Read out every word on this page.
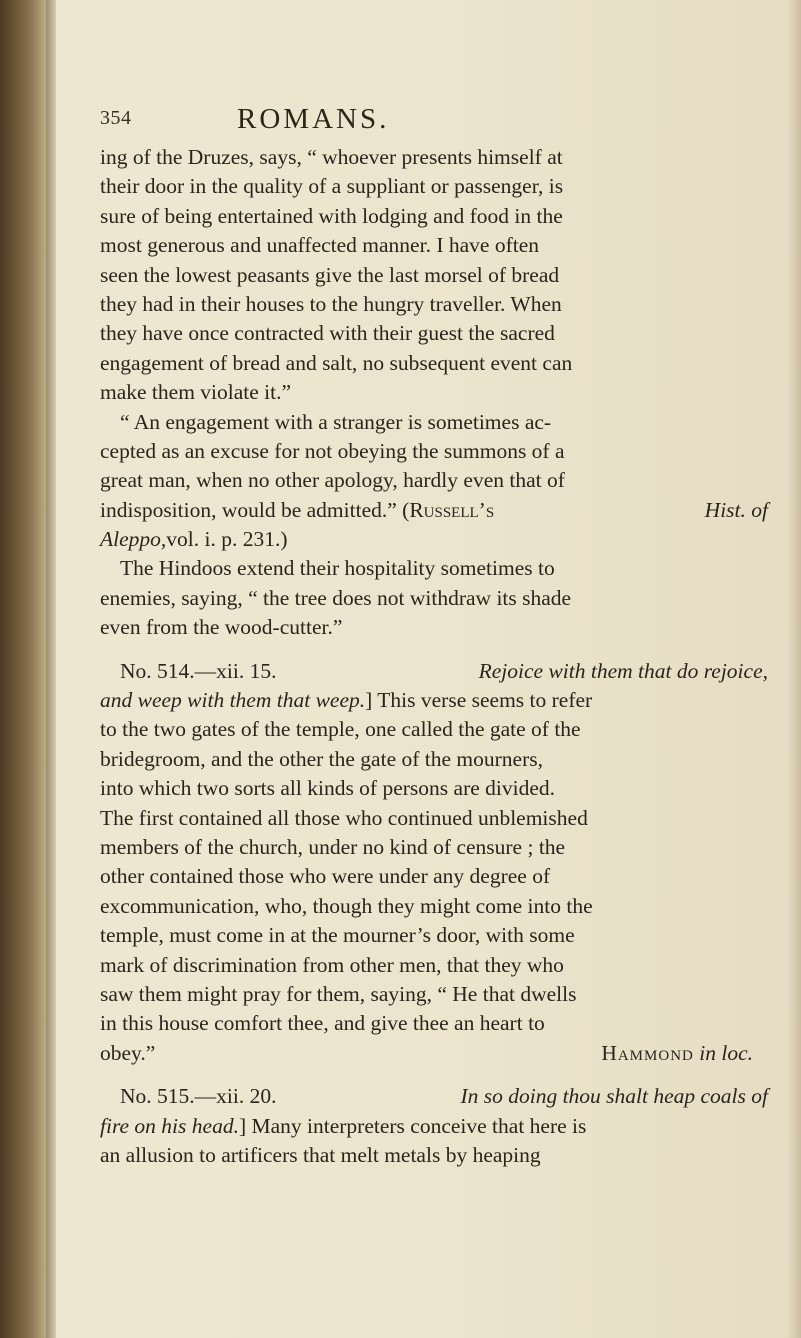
354	ROMANS.
ing of the Druzes, says, “ whoever presents himself at
their door in the quality of a suppliant or passenger, is
sure of being entertained with lodging and food in the
most generous and unaffected manner. I have often
seen the lowest peasants give the last morsel of bread
they had in their houses to the hungry traveller. When
they have once contracted with their guest the sacred
engagement of bread and salt, no subsequent event can
make them violate it.”
“ An engagement with a stranger is sometimes ac-
cepted as an excuse for not obeying the summons of a
great man, when no other apology, hardly even that of
indisposition, would be admitted.” (Russell’s	Hist. of
Aleppo, vol. i. p. 231.)
The Hindoos extend their hospitality sometimes to
enemies, saying, “ the tree does not withdraw its shade
even from the wood-cutter.”
No. 514.—xii. 15.	Rejoice with them that do rejoice,
and weep with them that weep.] This verse seems to refer
to the two gates of the temple, one called the gate of the
bridegroom, and the other the gate of the mourners,
into which two sorts all kinds of persons are divided.
The first contained all those who continued unblemished
members of the church, under no kind of censure ; the
other contained those who were under any degree of
excommunication, who, though they might come into the
temple, must come in at the mourner’s door, with some
mark of discrimination from other men, that they who
saw them might pray for them, saying, “ He that dwells
in this house comfort thee, and give thee an heart to
obey.”	Hammond in loc.
No. 515.—xii. 20.	In so doing thou shalt heap coals of
fire on his head.] Many interpreters conceive that here is
an allusion to artificers that melt metals by heaping
